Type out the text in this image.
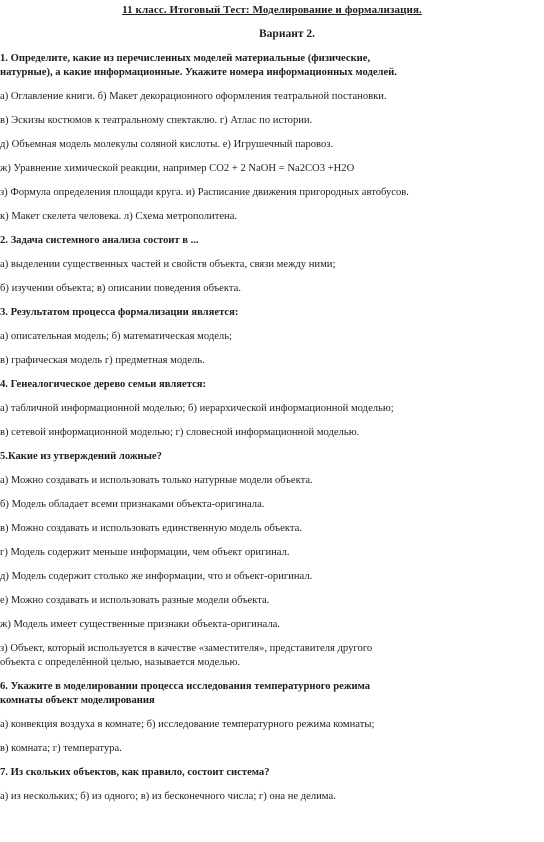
11 класс. Итоговый Тест: Моделирование и формализация.
Вариант 2.
1. Определите, какие из перечисленных моделей материальные (физические,
натурные), а какие информационные. Укажите номера информационных моделей.
а) Оглавление книги. б) Макет декорационного оформления театральной постановки.
в) Эскизы костюмов к театральному спектаклю. г) Атлас по истории.
д) Объемная модель молекулы соляной кислоты. е) Игрушечный паровоз.
ж) Уравнение химической реакции, например CO2 + 2 NaOH = Na2CO3 +H2O
з) Формула определения площади круга. и) Расписание движения пригородных автобусов.
к) Макет скелета человека. л) Схема метрополитена.
2. Задача системного анализа состоит в ...
а) выделении существенных частей и свойств объекта, связи между ними;
б) изучении объекта; в) описании поведения объекта.
3. Результатом процесса формализации является:
а) описательная модель; б) математическая модель;
в) графическая модель г) предметная модель.
4. Генеалогическое дерево семьи является:
а) табличной информационной моделью; б) иерархической информационной моделью;
в) сетевой информационной моделью; г) словесной информационной моделью.
5.Какие из утверждений ложные?
а) Можно создавать и использовать только натурные модели объекта.
б) Модель обладает всеми признаками объекта-оригинала.
в) Можно создавать и использовать единственную модель объекта.
г) Модель содержит меньше информации, чем объект оригинал.
д) Модель содержит столько же информации, что и объект-оригинал.
е) Можно создавать и использовать разные модели объекта.
ж) Модель имеет существенные признаки объекта-оригинала.
з) Объект, который используется в качестве «заместителя», представителя другого
объекта с определённой целью, называется моделью.
6. Укажите в моделировании процесса исследования температурного режима
комнаты объект моделирования
а) конвекция воздуха в комнате; б) исследование температурного режима комнаты;
в) комната; г) температура.
7. Из скольких объектов, как правило, состоит система?
а) из нескольких; б) из одного; в) из бесконечного числа; г) она не делима.
